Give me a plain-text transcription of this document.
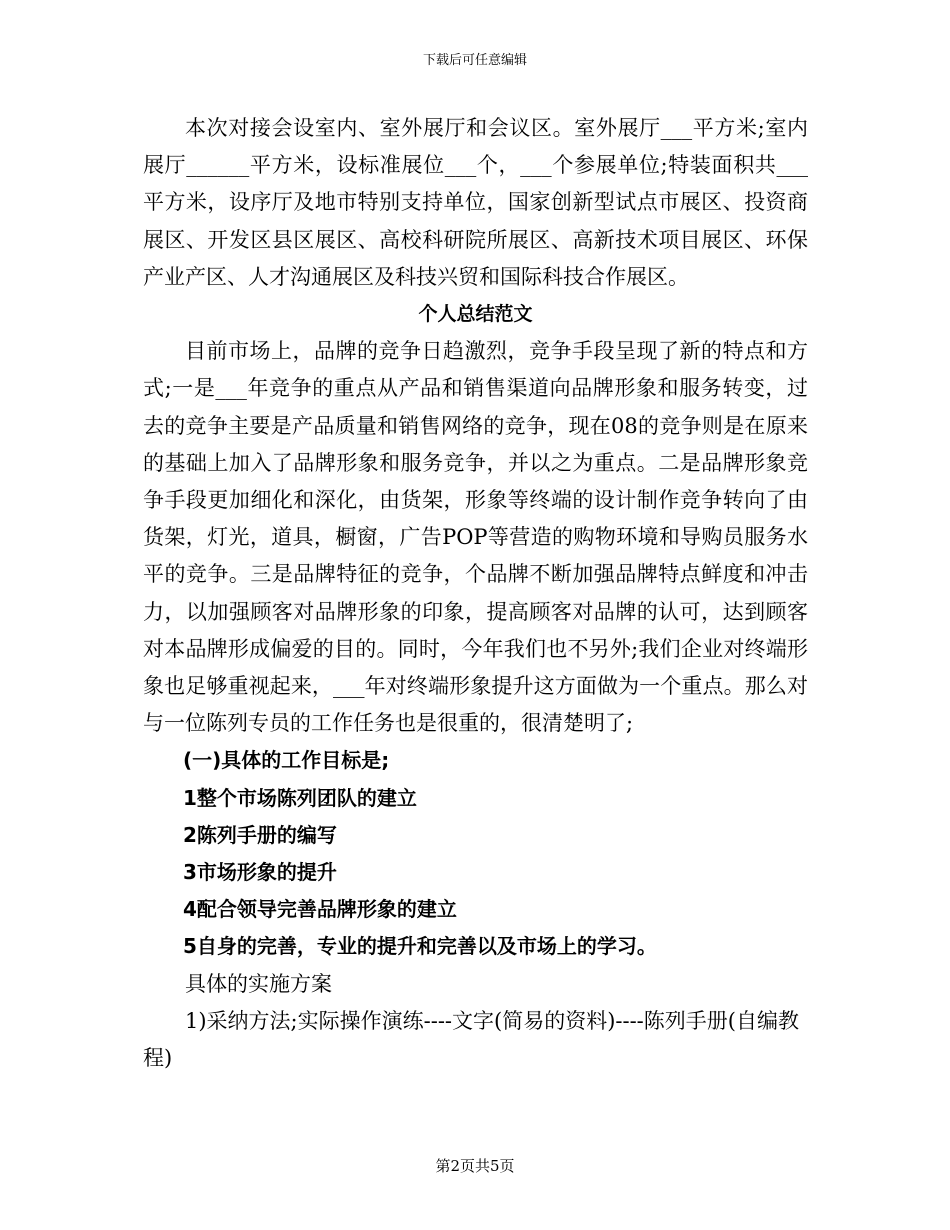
下载后可任意编辑

本次对接会设室内、室外展厅和会议区。室外展厅___平方米;室内展厅______平方米，设标准展位___个，___个参展单位;特装面积共___平方米，设序厅及地市特别支持单位，国家创新型试点市展区、投资商展区、开发区县区展区、高校科研院所展区、高新技术项目展区、环保产业产区、人才沟通展区及科技兴贸和国际科技合作展区。

个人总结范文

目前市场上，品牌的竞争日趋激烈，竞争手段呈现了新的特点和方式;一是___年竞争的重点从产品和销售渠道向品牌形象和服务转变，过去的竞争主要是产品质量和销售网络的竞争，现在08的竞争则是在原来的基础上加入了品牌形象和服务竞争，并以之为重点。二是品牌形象竞争手段更加细化和深化，由货架，形象等终端的设计制作竞争转向了由货架，灯光，道具，橱窗，广告POP等营造的购物环境和导购员服务水平的竞争。三是品牌特征的竞争，个品牌不断加强品牌特点鲜度和冲击力，以加强顾客对品牌形象的印象，提高顾客对品牌的认可，达到顾客对本品牌形成偏爱的目的。同时，今年我们也不另外;我们企业对终端形象也足够重视起来，___年对终端形象提升这方面做为一个重点。那么对与一位陈列专员的工作任务也是很重的，很清楚明了;

(一)具体的工作目标是;
1整个市场陈列团队的建立
2陈列手册的编写
3市场形象的提升
4配合领导完善品牌形象的建立
5自身的完善，专业的提升和完善以及市场上的学习。

具体的实施方案

1)采纳方法;实际操作演练----文字(简易的资料)----陈列手册(自编教程)

第2页共5页
